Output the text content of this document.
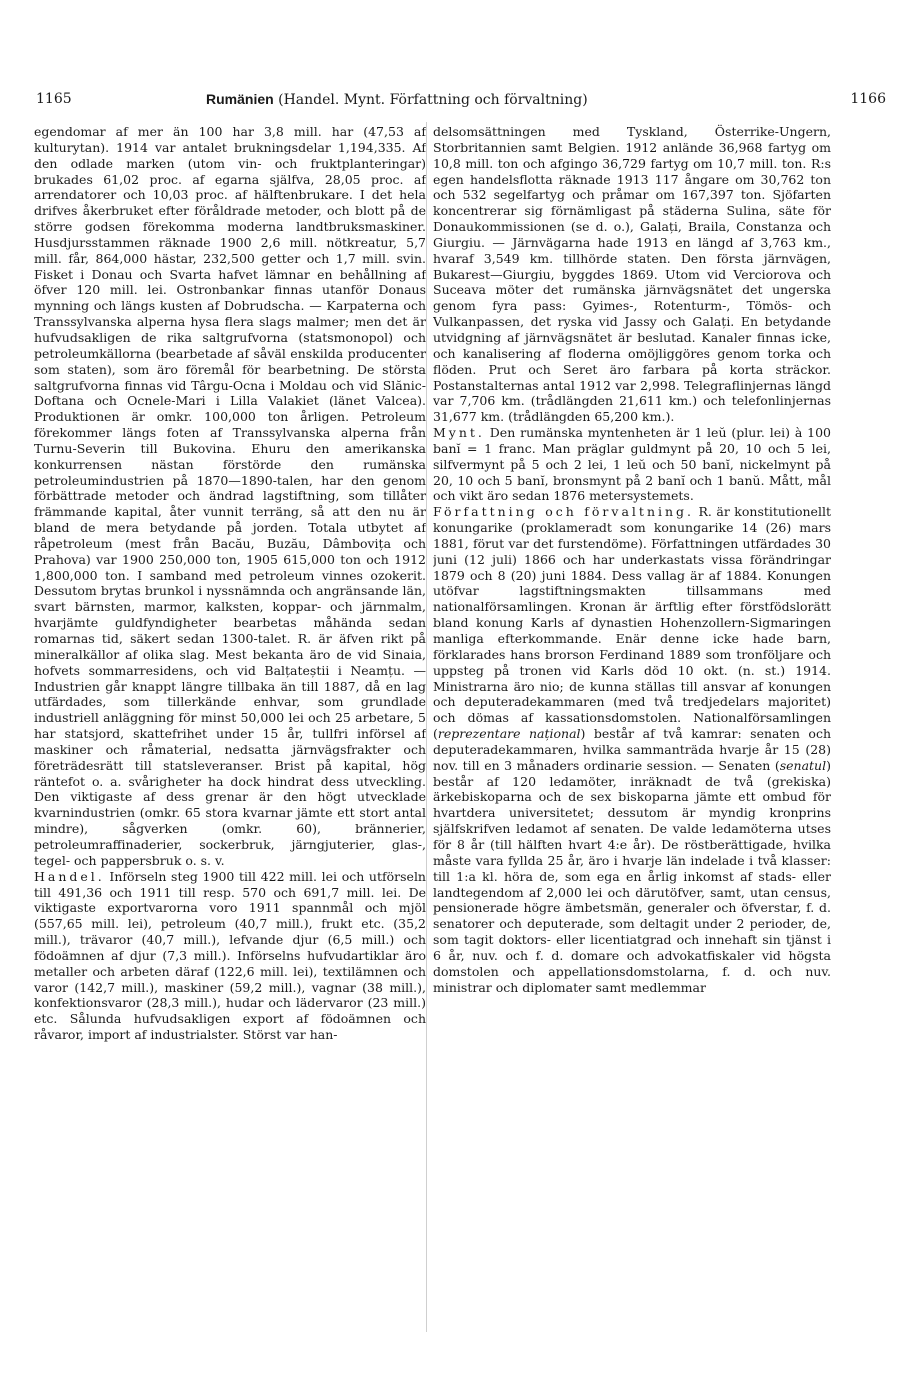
1165	Rumänien (Handel. Mynt. Författning och förvaltning)	1166

egendomar af mer än 100 har 3,8 mill. har (47,53 af kulturytan). 1914 var antalet brukningsdelar 1,194,335. Af den odlade marken (utom vin- och fruktplanteringar) brukades 61,02 proc. af egarna själfva, 28,05 proc. af arrendatorer och 10,03 proc. af hälftenbrukare. I det hela drifves åkerbruket efter föråldrade metoder, och blott på de större godsen förekomma moderna landtbruksmaskiner. Husdjursstammen räknade 1900 2,6 mill. nötkreatur, 5,7 mill. får, 864,000 hästar, 232,500 getter och 1,7 mill. svin. Fisket i Donau och Svarta hafvet lämnar en behållning af öfver 120 mill. lei. Ostronbankar finnas utanför Donaus mynning och längs kusten af Dobrudscha. — Karpaterna och Transsylvanska alperna hysa flera slags malmer; men det är hufvudsakligen de rika saltgrufvorna (statsmonopol) och petroleumkällorna (bearbetade af såväl enskilda producenter som staten), som äro föremål för bearbetning. De största saltgrufvorna finnas vid Târgu-Ocna i Moldau och vid Slănic-Doftana och Ocnele-Mari i Lilla Valakiet (länet Valcea). Produktionen är omkr. 100,000 ton årligen. Petroleum förekommer längs foten af Transsylvanska alperna från Turnu-Severin till Bukovina. Ehuru den amerikanska konkurrensen nästan förstörde den rumänska petroleumindustrien på 1870—1890-talen, har den genom förbättrade metoder och ändrad lagstiftning, som tillåter främmande kapital, åter vunnit terräng, så att den nu är bland de mera betydande på jorden. Totala utbytet af råpetroleum (mest från Bacău, Buzău, Dâmbovița och Prahova) var 1900 250,000 ton, 1905 615,000 ton och 1912 1,800,000 ton. I samband med petroleum vinnes ozokerit. Dessutom brytas brunkol i nyssnämnda och angränsande län, svart bärnsten, marmor, kalksten, koppar- och järnmalm, hvarjämte guldfyndigheter bearbetas måhända sedan romarnas tid, säkert sedan 1300-talet. R. är äfven rikt på mineralkällor af olika slag. Mest bekanta äro de vid Sinaia, hofvets sommarresidens, och vid Balțateștii i Neamțu. — Industrien går knappt längre tillbaka än till 1887, då en lag utfärdades, som tillerkände enhvar, som grundlade industriell anläggning för minst 50,000 lei och 25 arbetare, 5 har statsjord, skattefrihet under 15 år, tullfri införsel af maskiner och råmaterial, nedsatta järnvägsfrakter och företrädesrätt till statsleveranser. Brist på kapital, hög räntefot o. a. svårigheter ha dock hindrat dess utveckling. Den viktigaste af dess grenar är den högt utvecklade kvarnindustrien (omkr. 65 stora kvarnar jämte ett stort antal mindre), sågverken (omkr. 60), brännerier, petroleumraffinaderier, sockerbruk, järngjuterier, glas-, tegel- och pappersbruk o. s. v.

Handel. Införseln steg 1900 till 422 mill. lei och utförseln till 491,36 och 1911 till resp. 570 och 691,7 mill. lei. De viktigaste exportvarorna voro 1911 spannmål och mjöl (557,65 mill. lei), petroleum (40,7 mill.), frukt etc. (35,2 mill.), trävaror (40,7 mill.), lefvande djur (6,5 mill.) och födoämnen af djur (7,3 mill.). Införselns hufvudartiklar äro metaller och arbeten däraf (122,6 mill. lei), textilämnen och varor (142,7 mill.), maskiner (59,2 mill.), vagnar (38 mill.), konfektionsvaror (28,3 mill.), hudar och lädervaror (23 mill.) etc. Sålunda hufvudsakligen export af födoämnen och råvaror, import af industrialster. Störst var han-

delsomsättningen med Tyskland, Österrike-Ungern, Storbritannien samt Belgien. 1912 anlände 36,968 fartyg om 10,8 mill. ton och afgingo 36,729 fartyg om 10,7 mill. ton. R:s egen handelsflotta räknade 1913 117 ångare om 30,762 ton och 532 segelfartyg och pråmar om 167,397 ton. Sjöfarten koncentrerar sig förnämligast på städerna Sulina, säte för Donaukommissionen (se d. o.), Galați, Braila, Constanza och Giurgiu. — Järnvägarna hade 1913 en längd af 3,763 km., hvaraf 3,549 km. tillhörde staten. Den första järnvägen, Bukarest—Giurgiu, byggdes 1869. Utom vid Verciorova och Suceava möter det rumänska järnvägsnätet det ungerska genom fyra pass: Gyimes-, Rotenturm-, Tömös- och Vulkanpassen, det ryska vid Jassy och Galați. En betydande utvidgning af järnvägsnätet är beslutad. Kanaler finnas icke, och kanalisering af floderna omöjliggöres genom torka och flöden. Prut och Seret äro farbara på korta sträckor. Postanstalternas antal 1912 var 2,998. Telegraflinjernas längd var 7,706 km. (trådlängden 21,611 km.) och telefonlinjernas 31,677 km. (trådlängden 65,200 km.).

Mynt. Den rumänska myntenheten är 1 leŭ (plur. lei) à 100 banĭ = 1 franc. Man präglar guldmynt på 20, 10 och 5 lei, silfvermynt på 5 och 2 lei, 1 leŭ och 50 banĭ, nickelmynt på 20, 10 och 5 banĭ, bronsmynt på 2 banĭ och 1 banŭ. Mått, mål och vikt äro sedan 1876 metersystemets.

Författning och förvaltning. R. är konstitutionellt konungarike (proklameradt som konungarike 14 (26) mars 1881, förut var det furstendöme). Författningen utfärdades 30 juni (12 juli) 1866 och har underkastats vissa förändringar 1879 och 8 (20) juni 1884. Dess vallag är af 1884. Konungen utöfvar lagstiftningsmakten tillsammans med nationalförsamlingen. Kronan är ärftlig efter förstfödslorätt bland konung Karls af dynastien Hohenzollern-Sigmaringen manliga efterkommande. Enär denne icke hade barn, förklarades hans brorson Ferdinand 1889 som tronföljare och uppsteg på tronen vid Karls död 10 okt. (n. st.) 1914. Ministrarna äro nio; de kunna ställas till ansvar af konungen och deputeradekammaren (med två tredjedelars majoritet) och dömas af kassationsdomstolen. Nationalförsamlingen (reprezentare național) består af två kamrar: senaten och deputeradekammaren, hvilka sammanträda hvarje år 15 (28) nov. till en 3 månaders ordinarie session. — Senaten (senatul) består af 120 ledamöter, inräknadt de två (grekiska) ärkebiskoparna och de sex biskoparna jämte ett ombud för hvartdera universitetet; dessutom är myndig kronprins själfskrifven ledamot af senaten. De valde ledamöterna utses för 8 år (till hälften hvart 4:e år). De röstberättigade, hvilka måste vara fyllda 25 år, äro i hvarje län indelade i två klasser: till 1:a kl. höra de, som ega en årlig inkomst af stads- eller landtegendom af 2,000 lei och därutöfver, samt, utan census, pensionerade högre ämbetsmän, generaler och öfverstar, f. d. senatorer och deputerade, som deltagit under 2 perioder, de, som tagit doktors- eller licentiatgrad och innehaft sin tjänst i 6 år, nuv. och f. d. domare och advokatfiskaler vid högsta domstolen och appellationsdomstolarna, f. d. och nuv. ministrar och diplomater samt medlemmar
